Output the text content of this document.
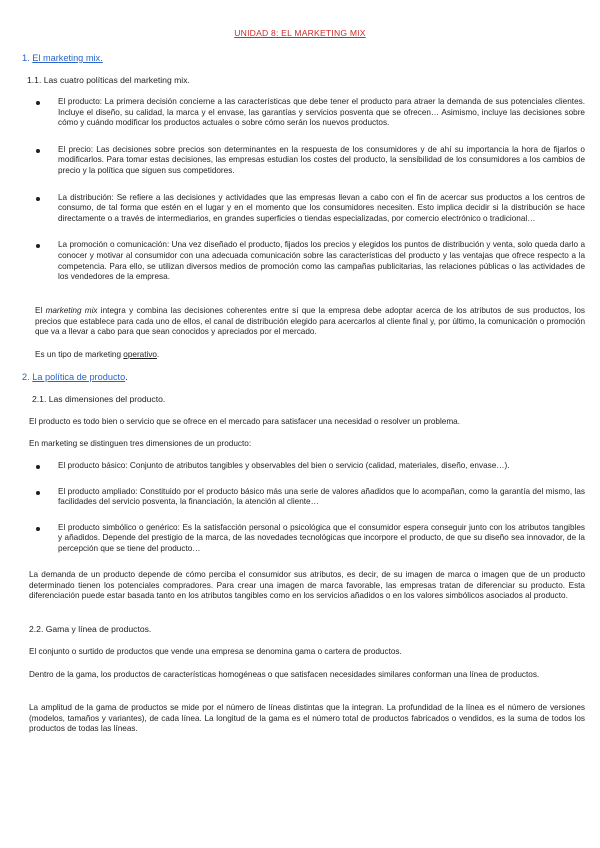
UNIDAD 8: EL MARKETING MIX
1. El marketing mix.
1.1. Las cuatro políticas del marketing mix.
El producto: La primera decisión concierne a las características que debe tener el producto para atraer la demanda de sus potenciales clientes. Incluye el diseño, su calidad, la marca y el envase, las garantías y servicios posventa que se ofrecen… Asimismo, incluye las decisiones sobre cómo y cuándo modificar los productos actuales o sobre cómo serán los nuevos productos.
El precio: Las decisiones sobre precios son determinantes en la respuesta de los consumidores y de ahí su importancia la hora de fijarlos o modificarlos. Para tomar estas decisiones, las empresas estudian los costes del producto, la sensibilidad de los consumidores a los cambios de precio y la política que siguen sus competidores.
La distribución: Se refiere a las decisiones y actividades que las empresas llevan a cabo con el fin de acercar sus productos a los centros de consumo, de tal forma que estén en el lugar y en el momento que los consumidores necesiten. Esto implica decidir si la distribución se hace directamente o a través de intermediarios, en grandes superficies o tiendas especializadas, por comercio electrónico o tradicional…
La promoción o comunicación: Una vez diseñado el producto, fijados los precios y elegidos los puntos de distribución y venta, solo queda darlo a conocer y motivar al consumidor con una adecuada comunicación sobre las características del producto y las ventajas que ofrece respecto a la competencia. Para ello, se utilizan diversos medios de promoción como las campañas publicitarias, las relaciones públicas o las actividades de los vendedores de la empresa.
El marketing mix integra y combina las decisiones coherentes entre sí que la empresa debe adoptar acerca de los atributos de sus productos, los precios que establece para cada uno de ellos, el canal de distribución elegido para acercarlos al cliente final y, por último, la comunicación o promoción que va a llevar a cabo para que sean conocidos y apreciados por el mercado.
Es un tipo de marketing operativo.
2. La política de producto.
2.1. Las dimensiones del producto.
El producto es todo bien o servicio que se ofrece en el mercado para satisfacer una necesidad o resolver un problema.
En marketing se distinguen tres dimensiones de un producto:
El producto básico: Conjunto de atributos tangibles y observables del bien o servicio (calidad, materiales, diseño, envase…).
El producto ampliado: Constituido por el producto básico más una serie de valores añadidos que lo acompañan, como la garantía del mismo, las facilidades del servicio posventa, la financiación, la atención al cliente…
El producto simbólico o genérico: Es la satisfacción personal o psicológica que el consumidor espera conseguir junto con los atributos tangibles y añadidos. Depende del prestigio de la marca, de las novedades tecnológicas que incorpore el producto, de que su diseño sea innovador, de la percepción que se tiene del producto…
La demanda de un producto depende de cómo perciba el consumidor sus atributos, es decir, de su imagen de marca o imagen que de un producto determinado tienen los potenciales compradores. Para crear una imagen de marca favorable, las empresas tratan de diferenciar su producto. Esta diferenciación puede estar basada tanto en los atributos tangibles como en los servicios añadidos o en los valores simbólicos asociados al producto.
2.2. Gama y línea de productos.
El conjunto o surtido de productos que vende una empresa se denomina gama o cartera de productos.
Dentro de la gama, los productos de características homogéneas o que satisfacen necesidades similares conforman una línea de productos.
La amplitud de la gama de productos se mide por el número de líneas distintas que la integran. La profundidad de la línea es el número de versiones (modelos, tamaños y variantes), de cada línea. La longitud de la gama es el número total de productos fabricados o vendidos, es la suma de todos los productos de todas las líneas.
